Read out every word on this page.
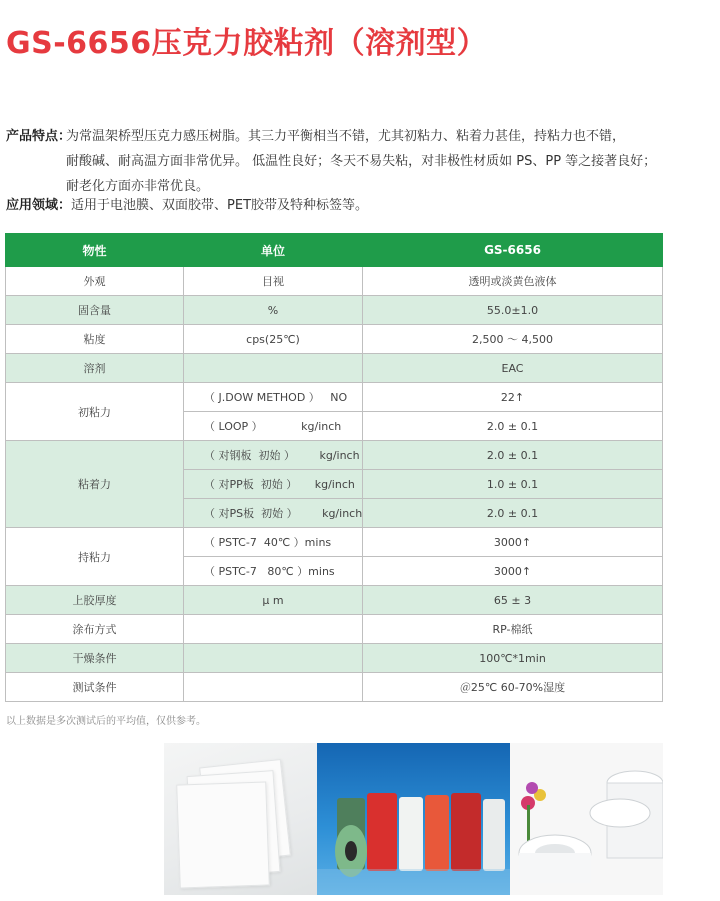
GS-6656压克力胶粘剂（溶剂型）
产品特点：
为常温架桥型压克力感压树脂。其三力平衡相当不错，尤其初粘力、粘着力甚佳，持粘力也不错，
耐酸碱、耐高温方面非常优异。 低温性良好；冬天不易失粘，对非极性材质如 PS、PP 等之接著良好；
耐老化方面亦非常优良。
应用领域：适用于电池膜、双面胶带、PET胶带及特种标签等。
物性	单位	GS-6656
外观	目视	透明或淡黄色液体
固含量	%	55.0±1.0
粘度	cps(25℃)	2,500 ～ 4,500
溶剂		EAC
初粘力	（ J.DOW METHOD ）   NO	22↑
	（ LOOP ）           kg/inch	2.0 ± 0.1
粘着力	（ 对钢板  初始 ）       kg/inch	2.0 ± 0.1
	（ 对PP板  初始 ）     kg/inch	1.0 ± 0.1
	（ 对PS板  初始 ）       kg/inch	2.0 ± 0.1
持粘力	（ PSTC-7  40℃ ）mins	3000↑
	（ PSTC-7   80℃ ）mins	3000↑
上胶厚度	μ m	65 ± 3
涂布方式		RP-棉纸
干燥条件		100℃*1min
测试条件		＠25℃ 60-70%湿度
以上数据是多次测试后的平均值，仅供参考。
